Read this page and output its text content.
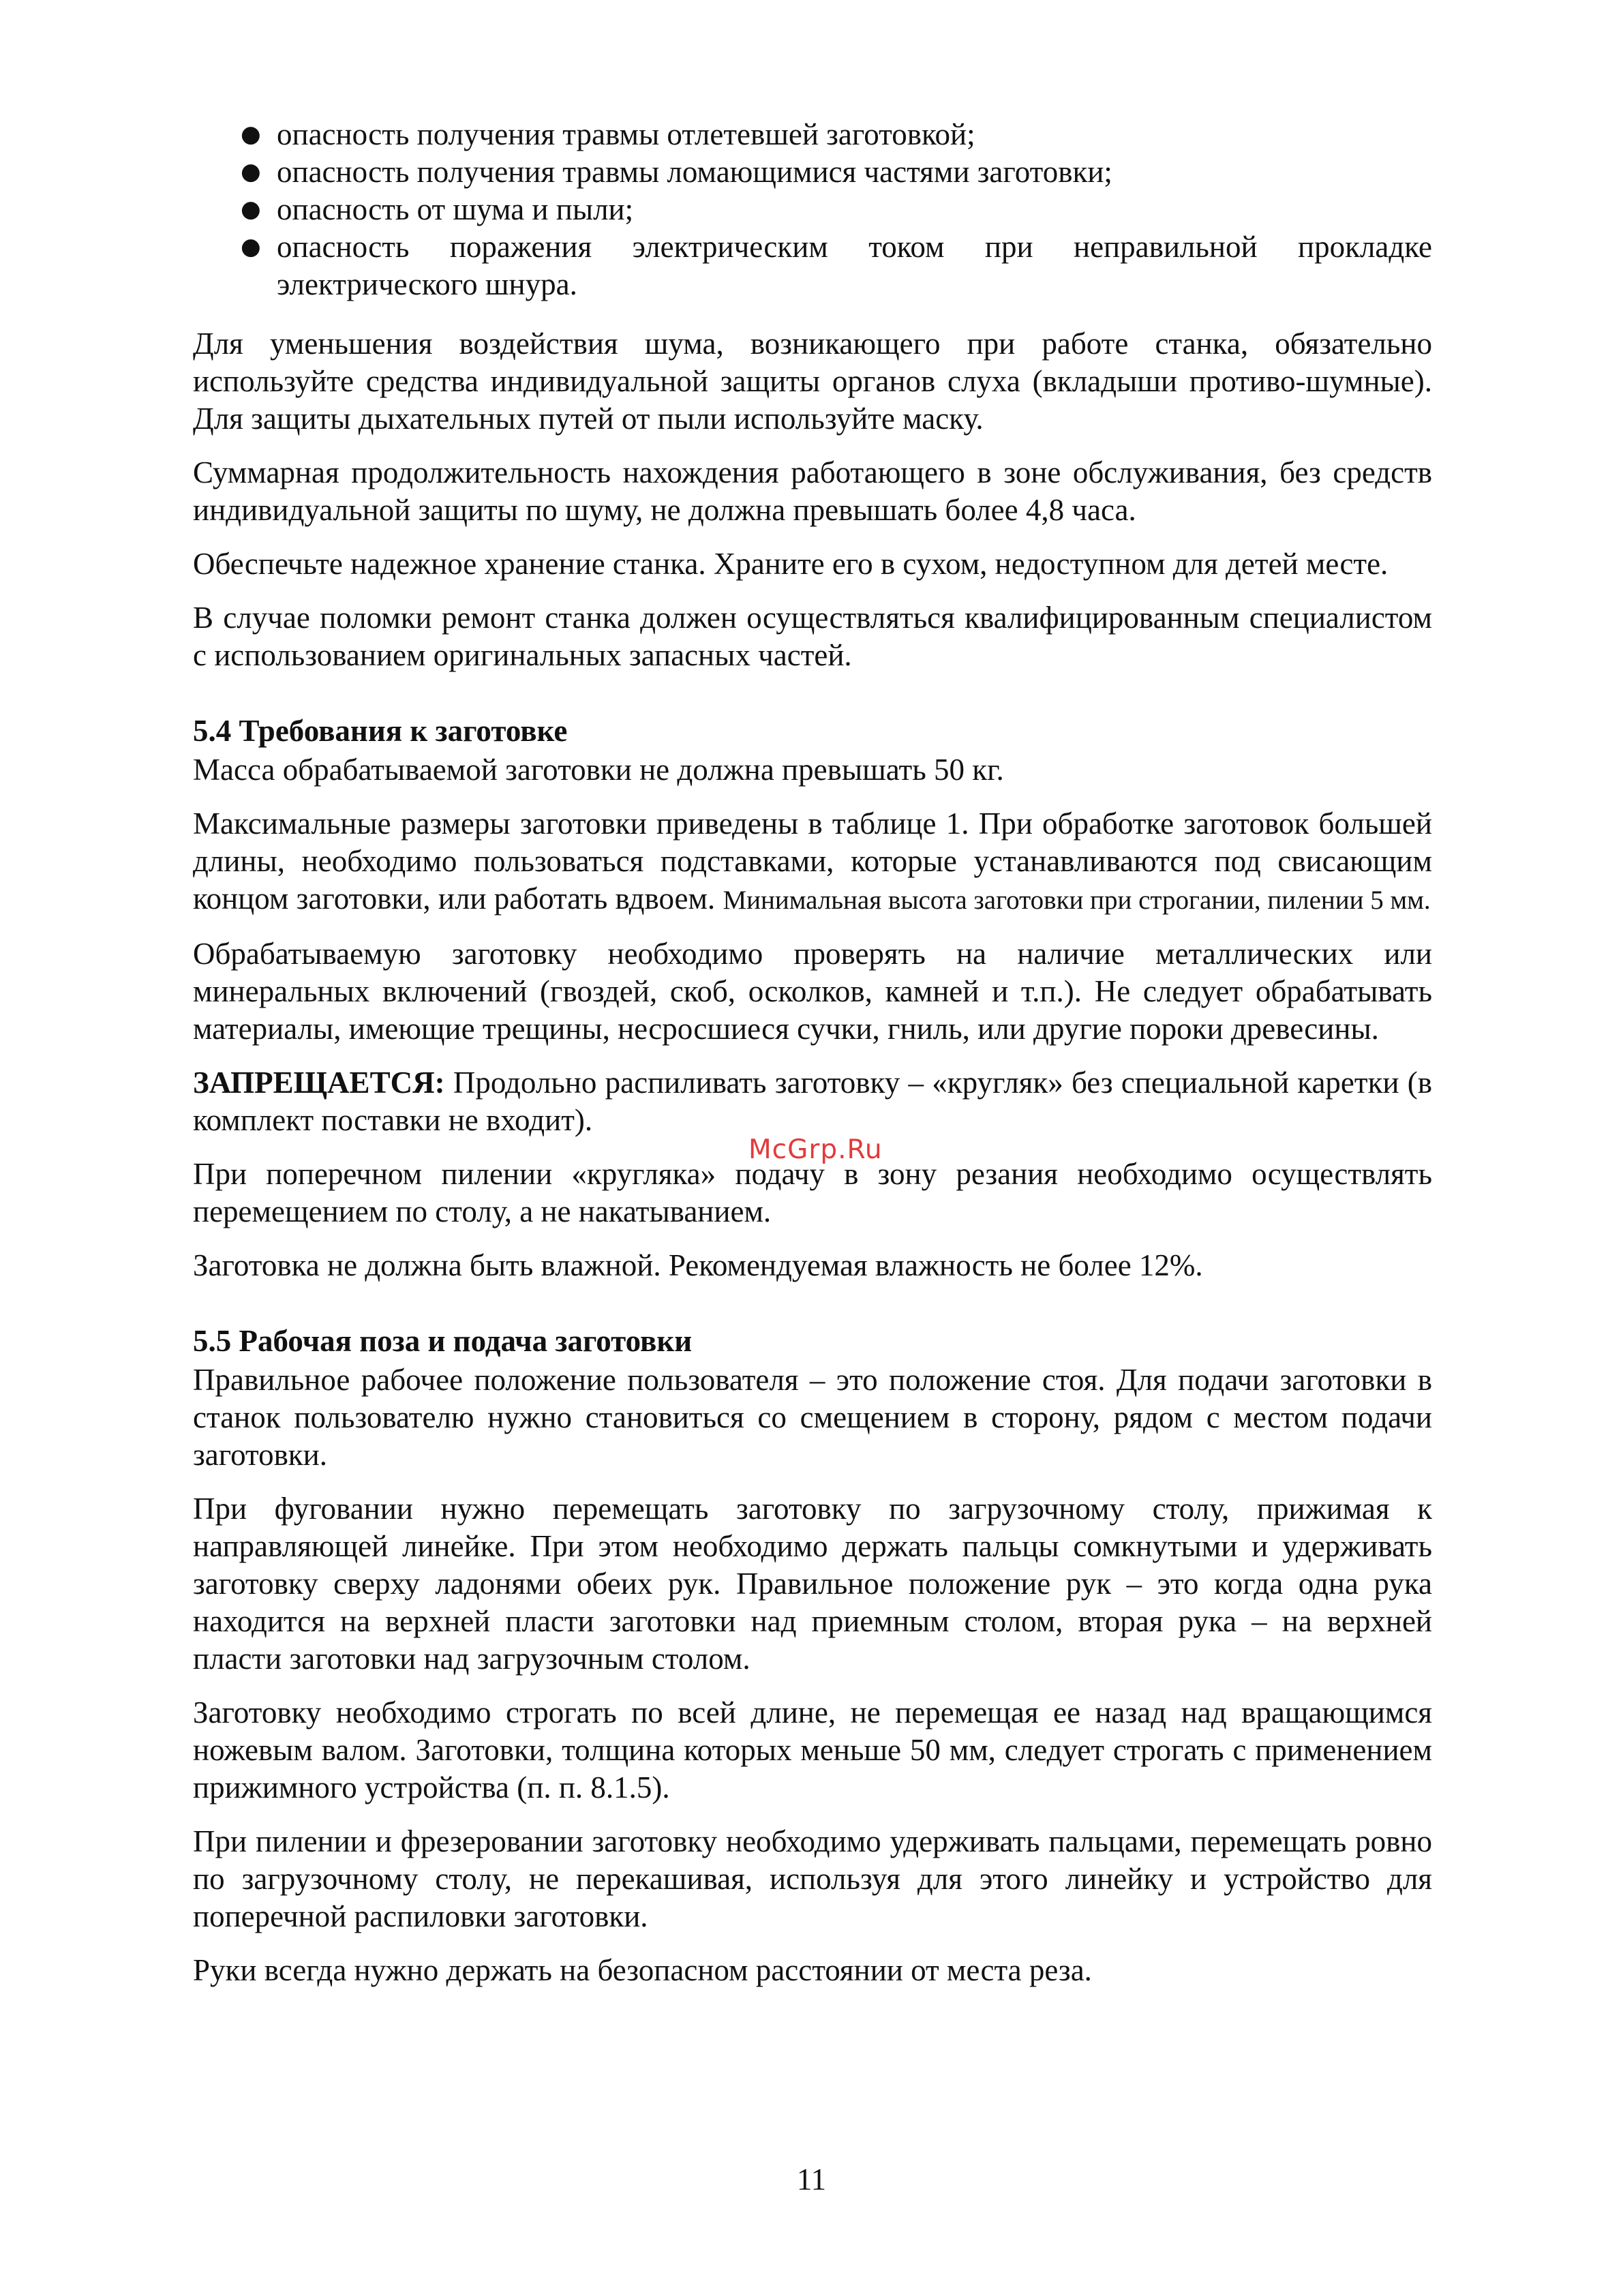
● опасность получения травмы отлетевшей заготовкой;
● опасность получения травмы ломающимися частями заготовки;
● опасность от шума и пыли;
● опасность поражения электрическим током при неправильной прокладке электрического шнура.

Для уменьшения воздействия шума, возникающего при работе станка, обязательно используйте средства индивидуальной защиты органов слуха (вкладыши противо-шумные). Для защиты дыхательных путей от пыли используйте маску.

Суммарная продолжительность нахождения работающего в зоне обслуживания, без средств индивидуальной защиты по шуму, не должна превышать более 4,8 часа.

Обеспечьте надежное хранение станка. Храните его в сухом, недоступном для детей месте.

В случае поломки ремонт станка должен осуществляться квалифицированным специалистом с использованием оригинальных запасных частей.

5.4 Требования к заготовке

Масса обрабатываемой заготовки не должна превышать 50 кг.

Максимальные размеры заготовки приведены в таблице 1. При обработке заготовок большей длины, необходимо пользоваться подставками, которые устанавливаются под свисающим концом заготовки, или работать вдвоем. Минимальная высота заготовки при строгании, пилении 5 мм.

Обрабатываемую заготовку необходимо проверять на наличие металлических или минеральных включений (гвоздей, скоб, осколков, камней и т.п.). Не следует обрабатывать материалы, имеющие трещины, несросшиеся сучки, гниль, или другие пороки древесины.

ЗАПРЕЩАЕТСЯ: Продольно распиливать заготовку – «кругляк» без специальной каретки (в комплект поставки не входит).

При поперечном пилении «кругляка» подачу в зону резания необходимо осуществлять перемещением по столу, а не накатыванием.

Заготовка не должна быть влажной. Рекомендуемая влажность не более 12%.

5.5 Рабочая поза и подача заготовки

Правильное рабочее положение пользователя – это положение стоя. Для подачи заготовки в станок пользователю нужно становиться со смещением в сторону, рядом с местом подачи заготовки.

При фуговании нужно перемещать заготовку по загрузочному столу, прижимая к направляющей линейке. При этом необходимо держать пальцы сомкнутыми и удерживать заготовку сверху ладонями обеих рук. Правильное положение рук – это когда одна рука находится на верхней пласти заготовки над приемным столом, вторая рука – на верхней пласти заготовки над загрузочным столом.

Заготовку необходимо строгать по всей длине, не перемещая ее назад над вращающимся ножевым валом. Заготовки, толщина которых меньше 50 мм, следует строгать с применением прижимного устройства (п. п. 8.1.5).

При пилении и фрезеровании заготовку необходимо удерживать пальцами, перемещать ровно по загрузочному столу, не перекашивая, используя для этого линейку и устройство для поперечной распиловки заготовки.

Руки всегда нужно держать на безопасном расстоянии от места реза.

McGrp.Ru
11
